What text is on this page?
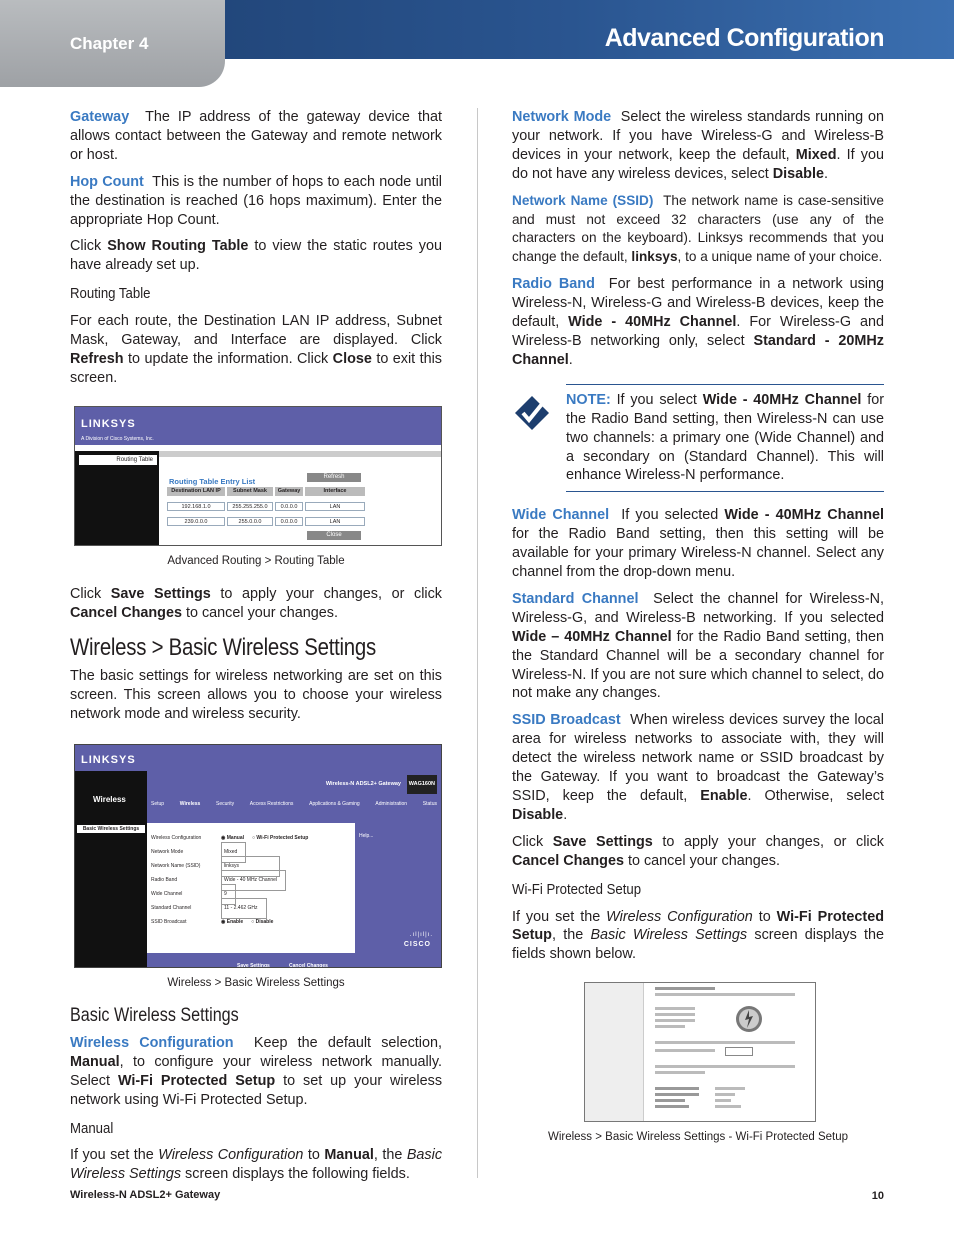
Chapter 4	Advanced Configuration

Gateway The IP address of the gateway device that allows contact between the Gateway and remote network or host.

Hop Count This is the number of hops to each node until the destination is reached (16 hops maximum). Enter the appropriate Hop Count.

Click Show Routing Table to view the static routes you have already set up.

Routing Table

For each route, the Destination LAN IP address, Subnet Mask, Gateway, and Interface are displayed. Click Refresh to update the information. Click Close to exit this screen.

LINKSYS
A Division of Cisco Systems, Inc.
Routing Table
Routing Table Entry List	Refresh
Destination LAN IP	Subnet Mask	Gateway	Interface
192.168.1.0	255.255.255.0	0.0.0.0	LAN
239.0.0.0	255.0.0.0	0.0.0.0	LAN
Close
Advanced Routing > Routing Table

Click Save Settings to apply your changes, or click Cancel Changes to cancel your changes.

Wireless > Basic Wireless Settings

The basic settings for wireless networking are set on this screen. This screen allows you to choose your wireless network mode and wireless security.

LINKSYS
Wireless
Wireless-N ADSL2+ Gateway	WAG160N
Setup	Wireless	Security	Access Restrictions	Applications & Gaming	Administration	Status
Basic Wireless Settings
Wireless Configuration	◉ Manual ○ Wi-Fi Protected Setup
Network Mode	Mixed
Network Name (SSID)	linksys
Radio Band	Wide - 40 MHz Channel
Wide Channel	9
Standard Channel	11 - 2.462 GHz
SSID Broadcast	◉ Enable ○ Disable
Help...
.ıl|ıl|ı.
CISCO
Save Settings	Cancel Changes
Wireless > Basic Wireless Settings
Basic Wireless Settings

Wireless Configuration Keep the default selection, Manual, to configure your wireless network manually. Select Wi-Fi Protected Setup to set up your wireless network using Wi-Fi Protected Setup.

Manual

If you set the Wireless Configuration to Manual, the Basic Wireless Settings screen displays the following fields.

Network Mode Select the wireless standards running on your network. If you have Wireless-G and Wireless-B devices in your network, keep the default, Mixed. If you do not have any wireless devices, select Disable.

Network Name (SSID) The network name is case-sensitive and must not exceed 32 characters (use any of the characters on the keyboard). Linksys recommends that you change the default, linksys, to a unique name of your choice.

Radio Band For best performance in a network using Wireless-N, Wireless-G and Wireless-B devices, keep the default, Wide - 40MHz Channel. For Wireless-G and Wireless-B networking only, select Standard - 20MHz Channel.

NOTE: If you select Wide - 40MHz Channel for the Radio Band setting, then Wireless-N can use two channels: a primary one (Wide Channel) and a secondary on (Standard Channel). This will enhance Wireless-N performance.

Wide Channel If you selected Wide - 40MHz Channel for the Radio Band setting, then this setting will be available for your primary Wireless-N channel. Select any channel from the drop-down menu.

Standard Channel Select the channel for Wireless-N, Wireless-G, and Wireless-B networking. If you selected Wide – 40MHz Channel for the Radio Band setting, then the Standard Channel will be a secondary channel for Wireless-N. If you are not sure which channel to select, do not make any changes.

SSID Broadcast When wireless devices survey the local area for wireless networks to associate with, they will detect the wireless network name or SSID broadcast by the Gateway. If you want to broadcast the Gateway’s SSID, keep the default, Enable. Otherwise, select Disable.

Click Save Settings to apply your changes, or click Cancel Changes to cancel your changes.

Wi-Fi Protected Setup

If you set the Wireless Configuration to Wi-Fi Protected Setup, the Basic Wireless Settings screen displays the fields shown below.

Wireless > Basic Wireless Settings - Wi-Fi Protected Setup
Wireless-N ADSL2+ Gateway	10
